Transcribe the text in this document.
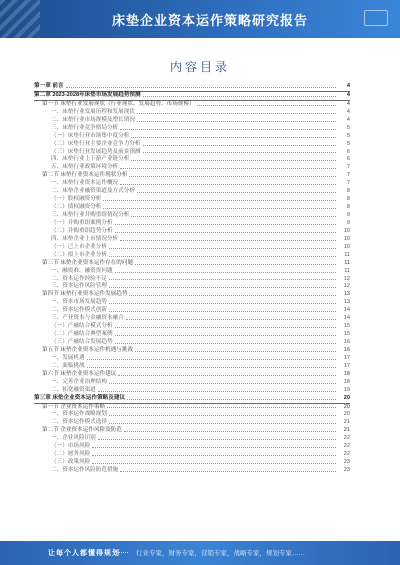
床垫企业资本运作策略研究报告
内容目录
第一章 前言	4
第二章 2023-2028年床垫市场发展趋势预测	4
第一节 床垫行业发展现状（行业现状、发展趋势、市场规模）	4
一、床垫行业发展历程和发展现状	4
二、床垫行业市场规模及增长情况	4
三、床垫行业竞争格局分析	5
（一）床垫行业市场集中度分析	5
（二）床垫行业主要企业竞争力分析	5
（三）床垫行业发展趋势及前景预测	6
四、床垫行业上下游产业链分析	6
五、床垫行业政策环境分析	7
第二节 床垫行业资本运作现状分析	7
一、床垫行业资本运作概况	7
二、床垫企业融资渠道及方式分析	8
（一）股权融资分析	8
（二）债权融资分析	8
三、床垫行业并购重组情况分析	9
（一）并购重组案例分析	9
（二）并购重组趋势分析	10
四、床垫企业上市情况分析	10
（一）已上市企业分析	10
（二）拟上市企业分析	11
第三节 床垫企业资本运作存在的问题	11
一、融资难、融资贵问题	11
二、资本运作经验不足	12
三、资本运作风险管理	12
第四节 床垫行业资本运作发展趋势	13
一、资本市场发展趋势	13
二、资本运作模式创新	14
三、产业资本与金融资本融合	14
（一）产融结合模式分析	15
（二）产融结合典型案例	15
（三）产融结合发展趋势	16
第五节 床垫企业资本运作机遇与挑战	16
一、发展机遇	17
二、面临挑战	17
第六节 床垫企业资本运作建议	18
一、完善企业治理结构	18
二、拓宽融资渠道	19
第三章 床垫企业资本运作策略及建议	20
第一节 企业资本运作策略	20
一、资本运作战略规划	20
二、资本运作模式选择	21
第二节 企业资本运作风险及防范	21
一、企业风险识别	22
（一）市场风险	22
（二）财务风险	22
（三）政策风险	23
二、资本运作风险防范措施	23
让每个人都懂得规划 行业专家，财务专家，营销专家，战略专家，规划专家……
